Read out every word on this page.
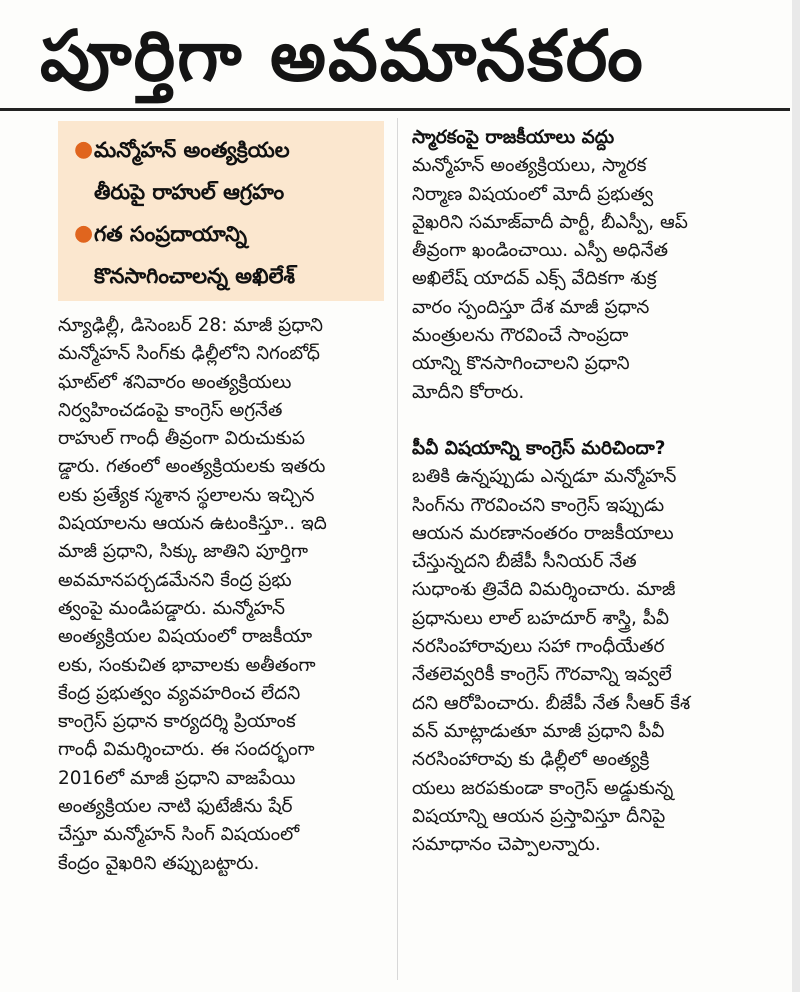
పూర్తిగా అవమానకరం
● మన్మోహన్ అంత్యక్రియల
తీరుపై రాహుల్ ఆగ్రహం
● గత సంప్రదాయాన్ని
కొనసాగించాలన్న అఖిలేశ్
న్యూఢిల్లీ, డిసెంబర్ 28: మాజీ ప్రధాని
మన్మోహన్ సింగ్‌కు ఢిల్లీలోని నిగంబోధ్
ఘాట్‌లో శనివారం అంత్యక్రియలు
నిర్వహించడంపై కాంగ్రెస్ అగ్రనేత
రాహుల్ గాంధీ తీవ్రంగా విరుచుకుప
డ్డారు. గతంలో అంత్యక్రియలకు ఇతరు
లకు ప్రత్యేక స్మశాన స్థలాలను ఇచ్చిన
విషయాలను ఆయన ఉటంకిస్తూ.. ఇది
మాజీ ప్రధాని, సిక్కు జాతిని పూర్తిగా
అవమానపర్చడమేనని కేంద్ర ప్రభు
త్వంపై మండిపడ్డారు. మన్మోహన్
అంత్యక్రియల విషయంలో రాజకీయా
లకు, సంకుచిత భావాలకు అతీతంగా
కేంద్ర ప్రభుత్వం వ్యవహరించ లేదని
కాంగ్రెస్ ప్రధాన కార్యదర్శి ప్రియాంక
గాంధీ విమర్శించారు. ఈ సందర్భంగా
2016లో మాజీ ప్రధాని వాజపేయి
అంత్యక్రియల నాటి ఫుటేజీను షేర్
చేస్తూ మన్మోహన్ సింగ్ విషయంలో
కేంద్రం వైఖరిని తప్పుబట్టారు.
స్మారకంపై రాజకీయాలు వద్దు
మన్మోహన్ అంత్యక్రియలు, స్మారక
నిర్మాణ విషయంలో మోదీ ప్రభుత్వ
వైఖరిని సమాజ్‌వాదీ పార్టీ, బీఎస్పీ, ఆప్
తీవ్రంగా ఖండించాయి. ఎస్పీ అధినేత
అఖిలేష్ యాదవ్ ఎక్స్ వేదికగా శుక్ర
వారం స్పందిస్తూ దేశ మాజీ ప్రధాన
మంత్రులను గౌరవించే సాంప్రదా
యాన్ని కొనసాగించాలని ప్రధాని
మోదీని కోరారు.
పీవీ విషయాన్ని కాంగ్రెస్ మరిచిందా?
బతికి ఉన్నప్పుడు ఎన్నడూ మన్మోహన్
సింగ్‌ను గౌరవించని కాంగ్రెస్ ఇప్పుడు
ఆయన మరణానంతరం రాజకీయాలు
చేస్తున్నదని బీజేపీ సీనియర్ నేత
సుధాంశు త్రివేది విమర్శించారు. మాజీ
ప్రధానులు లాల్ బహదూర్ శాస్త్రి, పీవీ
నరసింహారావులు సహా గాంధీయేతర
నేతలెవ్వరికీ కాంగ్రెస్ గౌరవాన్ని ఇవ్వలే
దని ఆరోపించారు. బీజేపీ నేత సీఆర్ కేశ
వన్ మాట్లాడుతూ మాజీ ప్రధాని పీవీ
నరసింహారావు కు ఢిల్లీలో అంత్యక్రి
యలు జరపకుండా కాంగ్రెస్ అడ్డుకున్న
విషయాన్ని ఆయన ప్రస్తావిస్తూ దీనిపై
సమాధానం చెప్పాలన్నారు.
